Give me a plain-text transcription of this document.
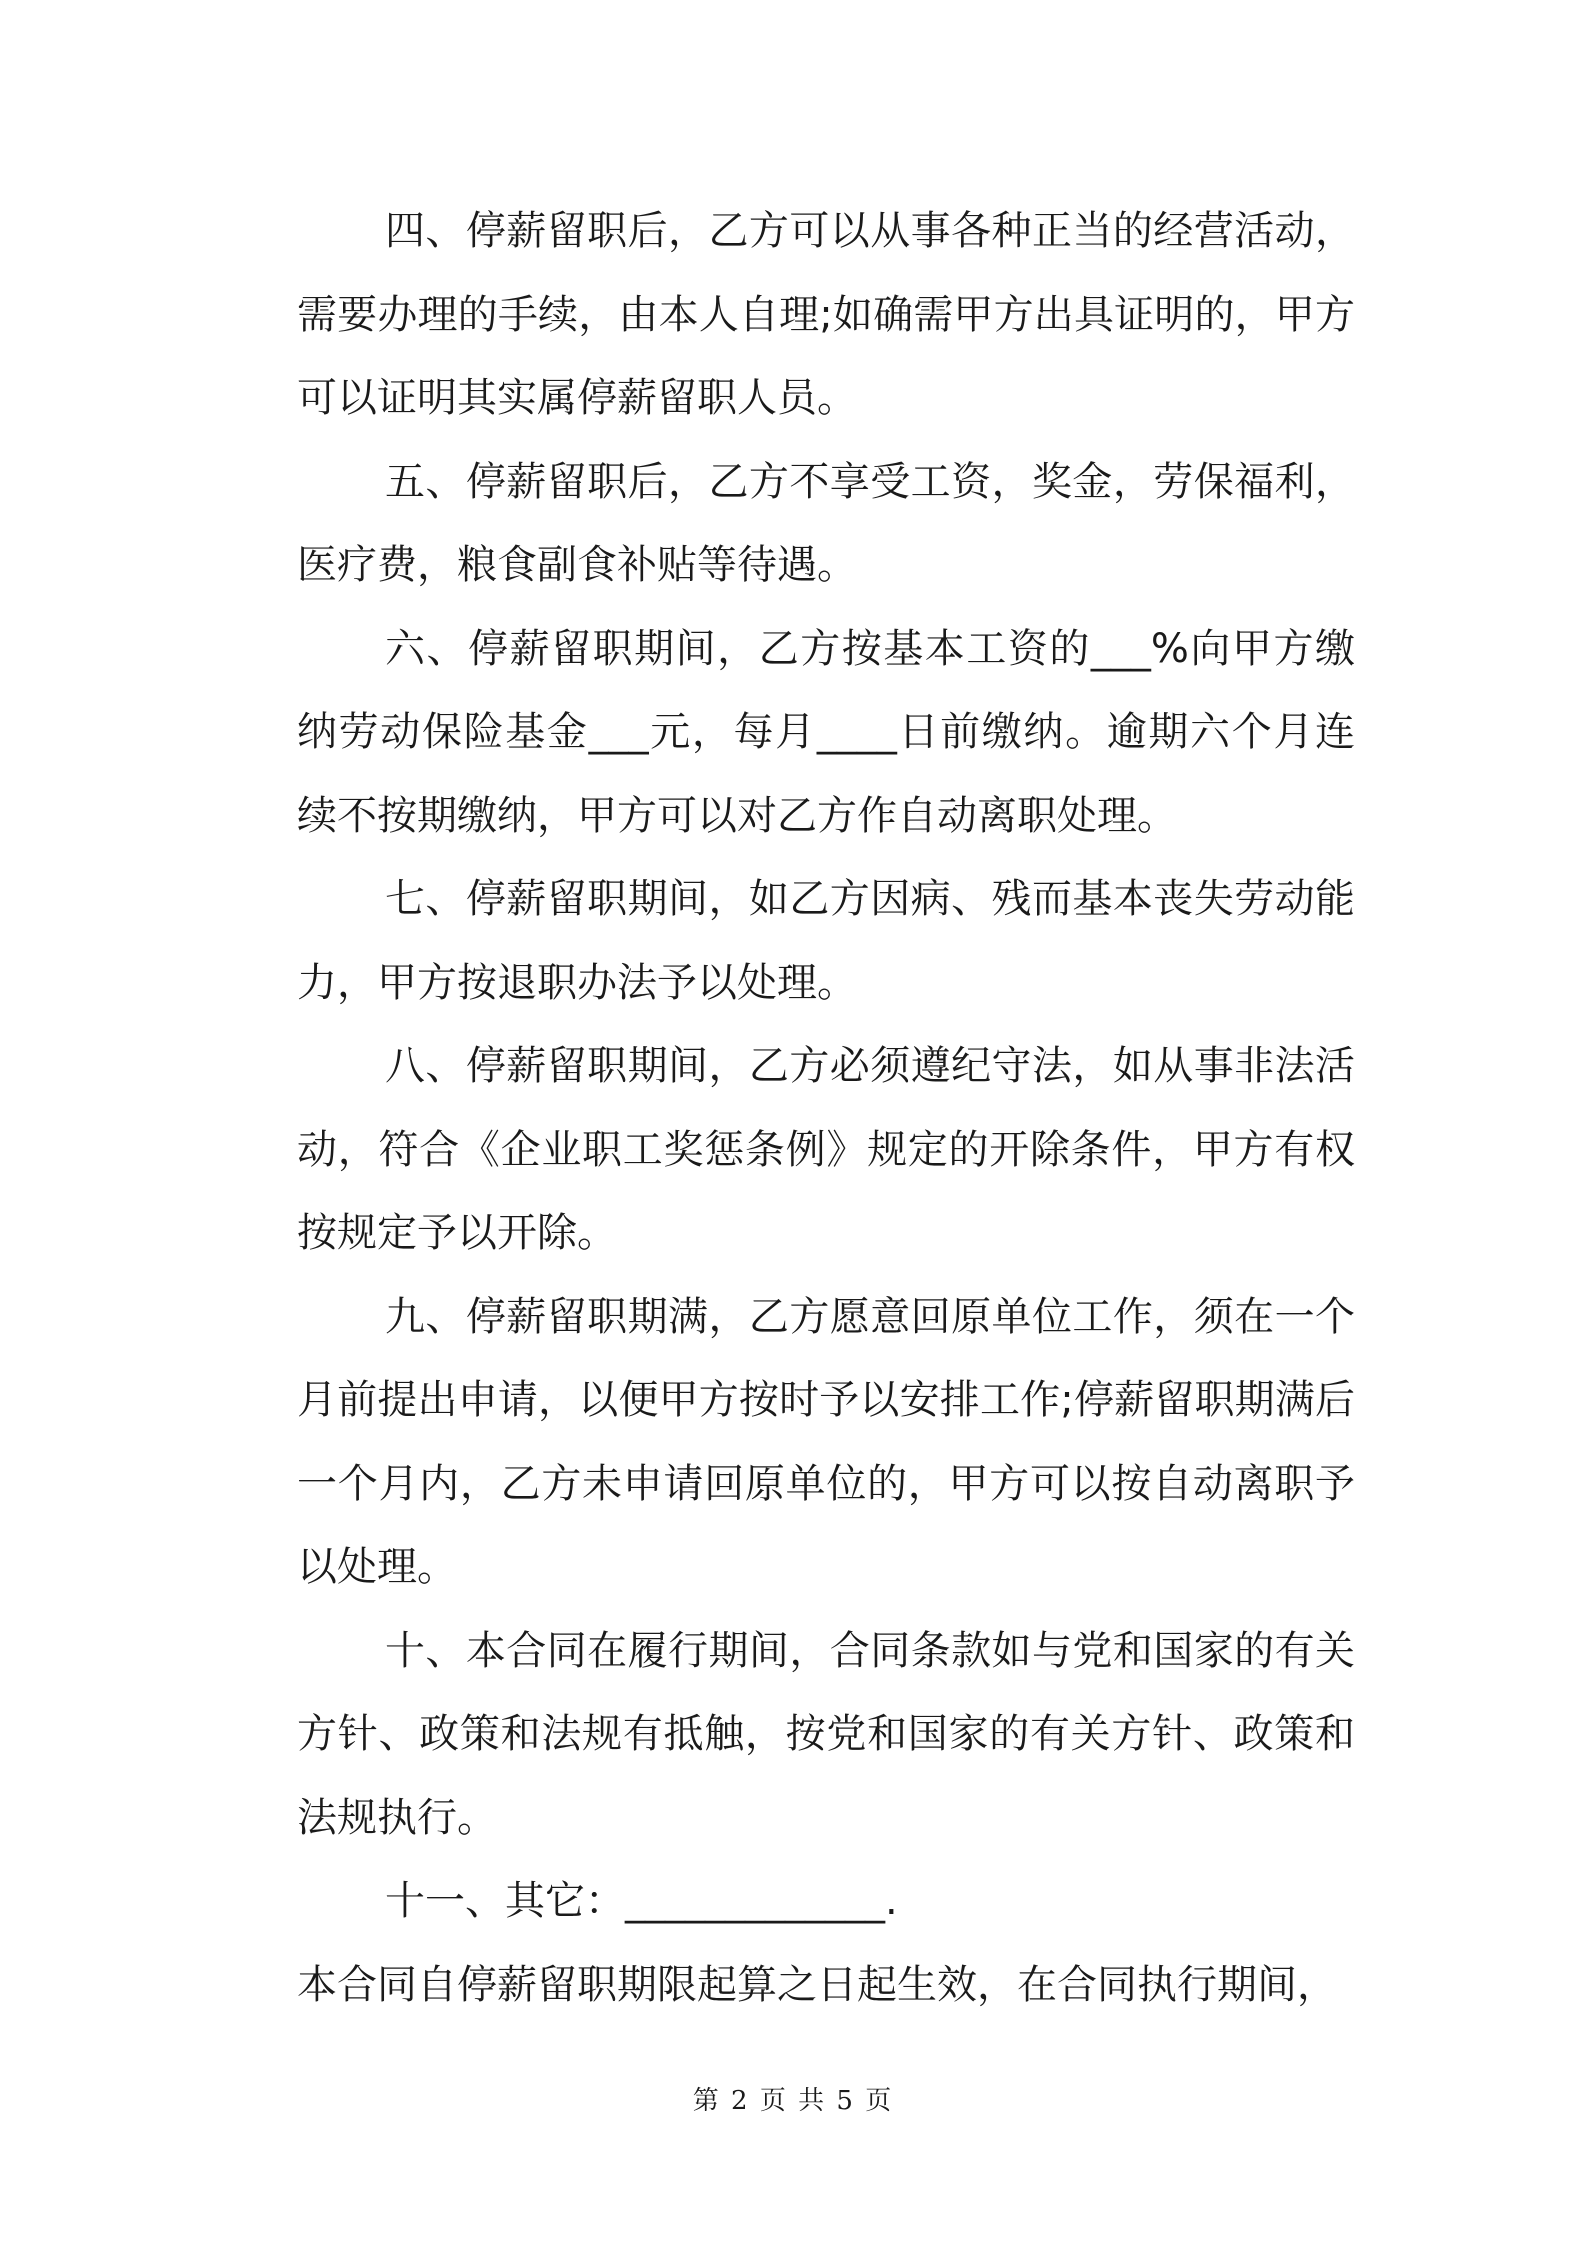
四、停薪留职后，乙方可以从事各种正当的经营活动，需要办理的手续，由本人自理;如确需甲方出具证明的，甲方可以证明其实属停薪留职人员。

五、停薪留职后，乙方不享受工资，奖金，劳保福利，医疗费，粮食副食补贴等待遇。

六、停薪留职期间，乙方按基本工资的___%向甲方缴纳劳动保险基金___元，每月____日前缴纳。逾期六个月连续不按期缴纳，甲方可以对乙方作自动离职处理。

七、停薪留职期间，如乙方因病、残而基本丧失劳动能力，甲方按退职办法予以处理。

八、停薪留职期间，乙方必须遵纪守法，如从事非法活动，符合《企业职工奖惩条例》规定的开除条件，甲方有权按规定予以开除。

九、停薪留职期满，乙方愿意回原单位工作，须在一个月前提出申请，以便甲方按时予以安排工作;停薪留职期满后一个月内，乙方未申请回原单位的，甲方可以按自动离职予以处理。

十、本合同在履行期间，合同条款如与党和国家的有关方针、政策和法规有抵触，按党和国家的有关方针、政策和法规执行。

十一、其它：_____________.

本合同自停薪留职期限起算之日起生效，在合同执行期间，

第 2 页 共 5 页
